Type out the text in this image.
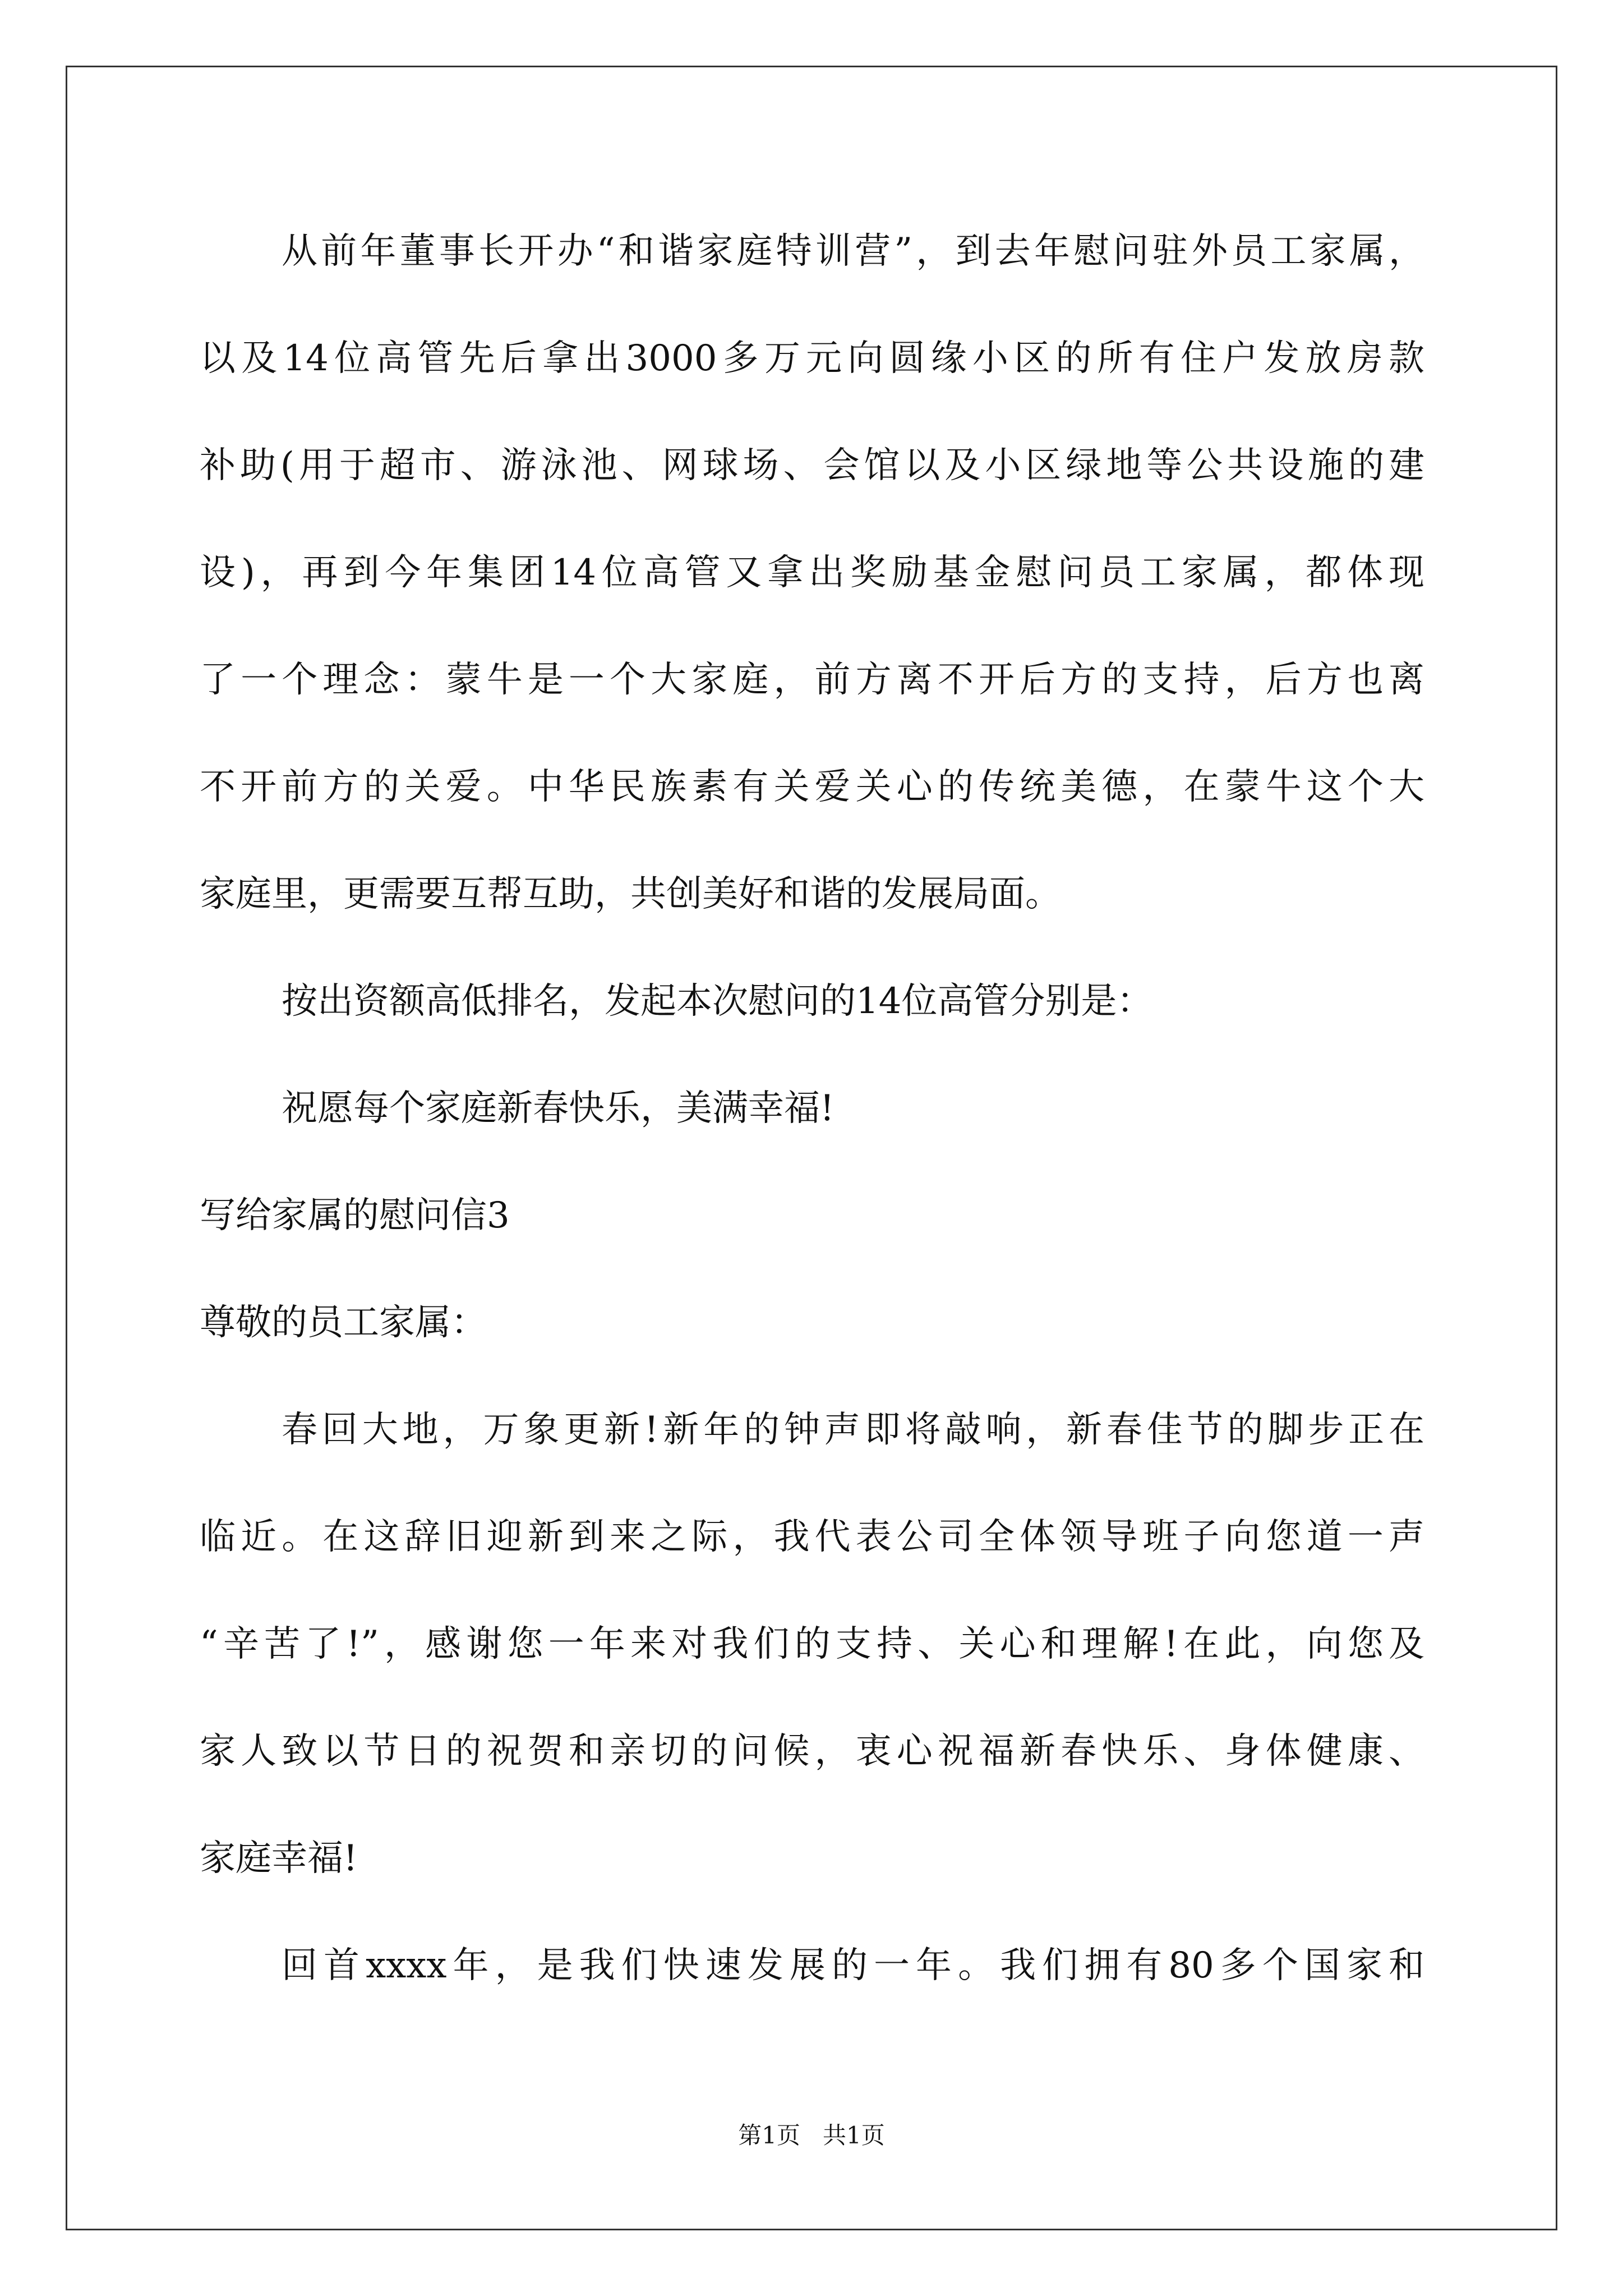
从前年董事长开办“和谐家庭特训营”，到去年慰问驻外员工家属，
以及14位高管先后拿出3000多万元向圆缘小区的所有住户发放房款
补助(用于超市、游泳池、网球场、会馆以及小区绿地等公共设施的建
设)，再到今年集团14位高管又拿出奖励基金慰问员工家属，都体现
了一个理念：蒙牛是一个大家庭，前方离不开后方的支持，后方也离
不开前方的关爱。中华民族素有关爱关心的传统美德，在蒙牛这个大
家庭里，更需要互帮互助，共创美好和谐的发展局面。
按出资额高低排名，发起本次慰问的14位高管分别是：
祝愿每个家庭新春快乐，美满幸福!
写给家属的慰问信3
尊敬的员工家属：
春回大地，万象更新!新年的钟声即将敲响，新春佳节的脚步正在
临近。在这辞旧迎新到来之际，我代表公司全体领导班子向您道一声
“辛苦了!”，感谢您一年来对我们的支持、关心和理解!在此，向您及
家人致以节日的祝贺和亲切的问候，衷心祝福新春快乐、身体健康、
家庭幸福!
回首xxxx年，是我们快速发展的一年。我们拥有80多个国家和
第1页 共1页
